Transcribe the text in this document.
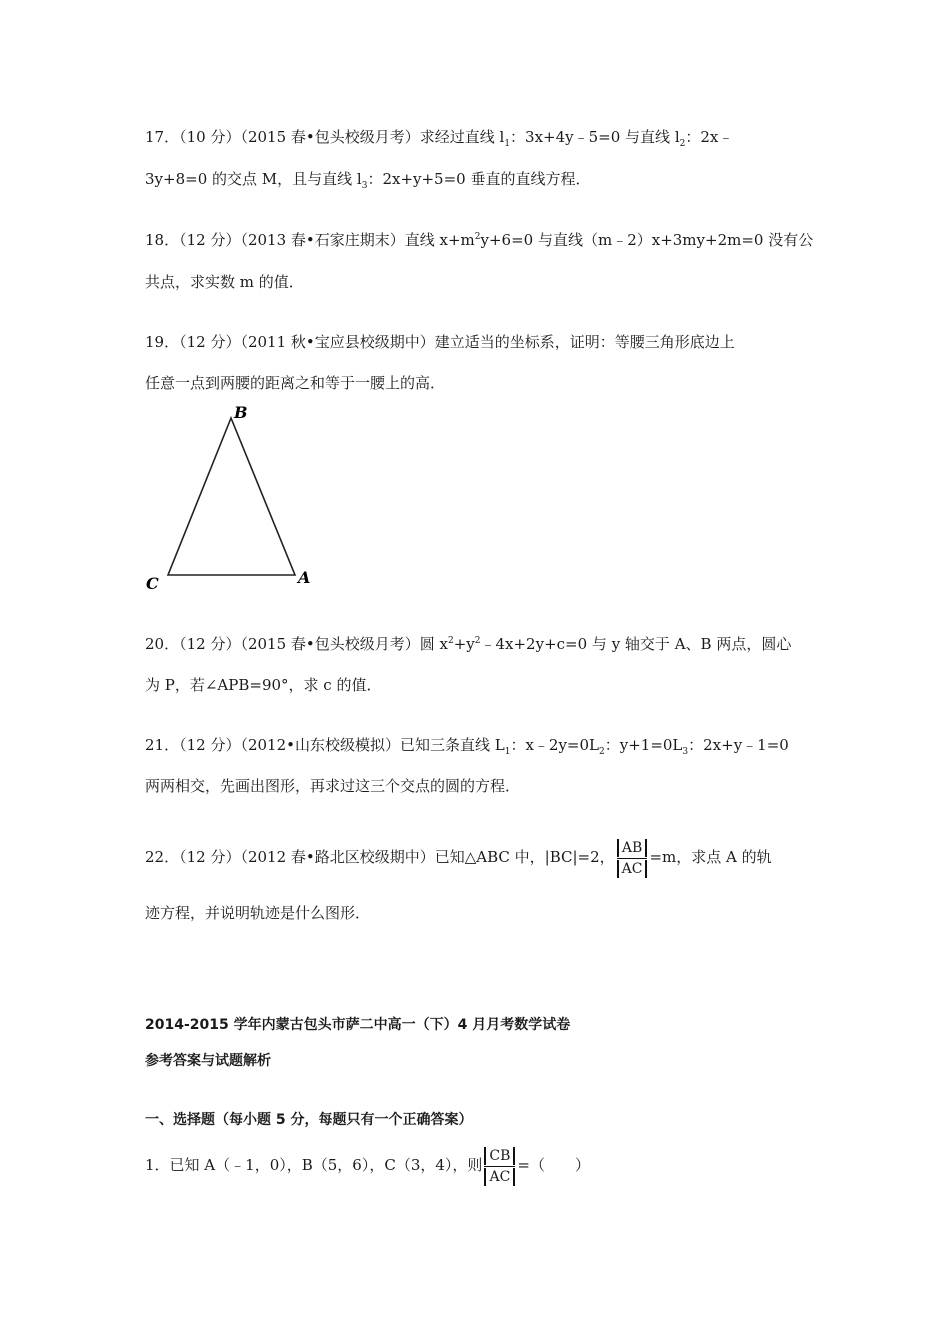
17．（10 分）（2015 春•包头校级月考）求经过直线 $l_1$：3x+4y﹣5=0 与直线 $l_2$：2x﹣
3y+8=0 的交点 M，且与直线 $l_3$：2x+y+5=0 垂直的直线方程．
18．（12 分）（2013 春•石家庄期末）直线 $x+m^2y+6=0$ 与直线（m﹣2）x+3my+2m=0 没有公
共点，求实数 m 的值．
19．（12 分）（2011 秋•宝应县校级期中）建立适当的坐标系，证明：等腰三角形底边上
任意一点到两腰的距离之和等于一腰上的高．
B
C	A
20．（12 分）（2015 春•包头校级月考）圆 $x^2+y^2﹣4x+2y+c=0$ 与 y 轴交于 A、B 两点，圆心
为 P，若∠APB=90°，求 c 的值．
21．（12 分）（2012•山东校级模拟）已知三条直线 $L_1$：$x﹣2y=0L_2$：$y+1=0L_3$：2x+y﹣1=0
两两相交，先画出图形，再求过这三个交点的圆的方程．
22．（12 分）（2012 春•路北区校级期中）已知△ABC 中，|BC|=2， $\frac{AB}{AC} =m$，求点 A 的轨
迹方程，并说明轨迹是什么图形．
2014-2015 学年内蒙古包头市萨二中高一（下）4 月月考数学试卷
参考答案与试题解析
一、选择题（每小题 5 分，每题只有一个正确答案）
1．已知 A（﹣1，0），B（5，6），C（3，4），则 $\frac{CB}{AC}$ =（　　）
